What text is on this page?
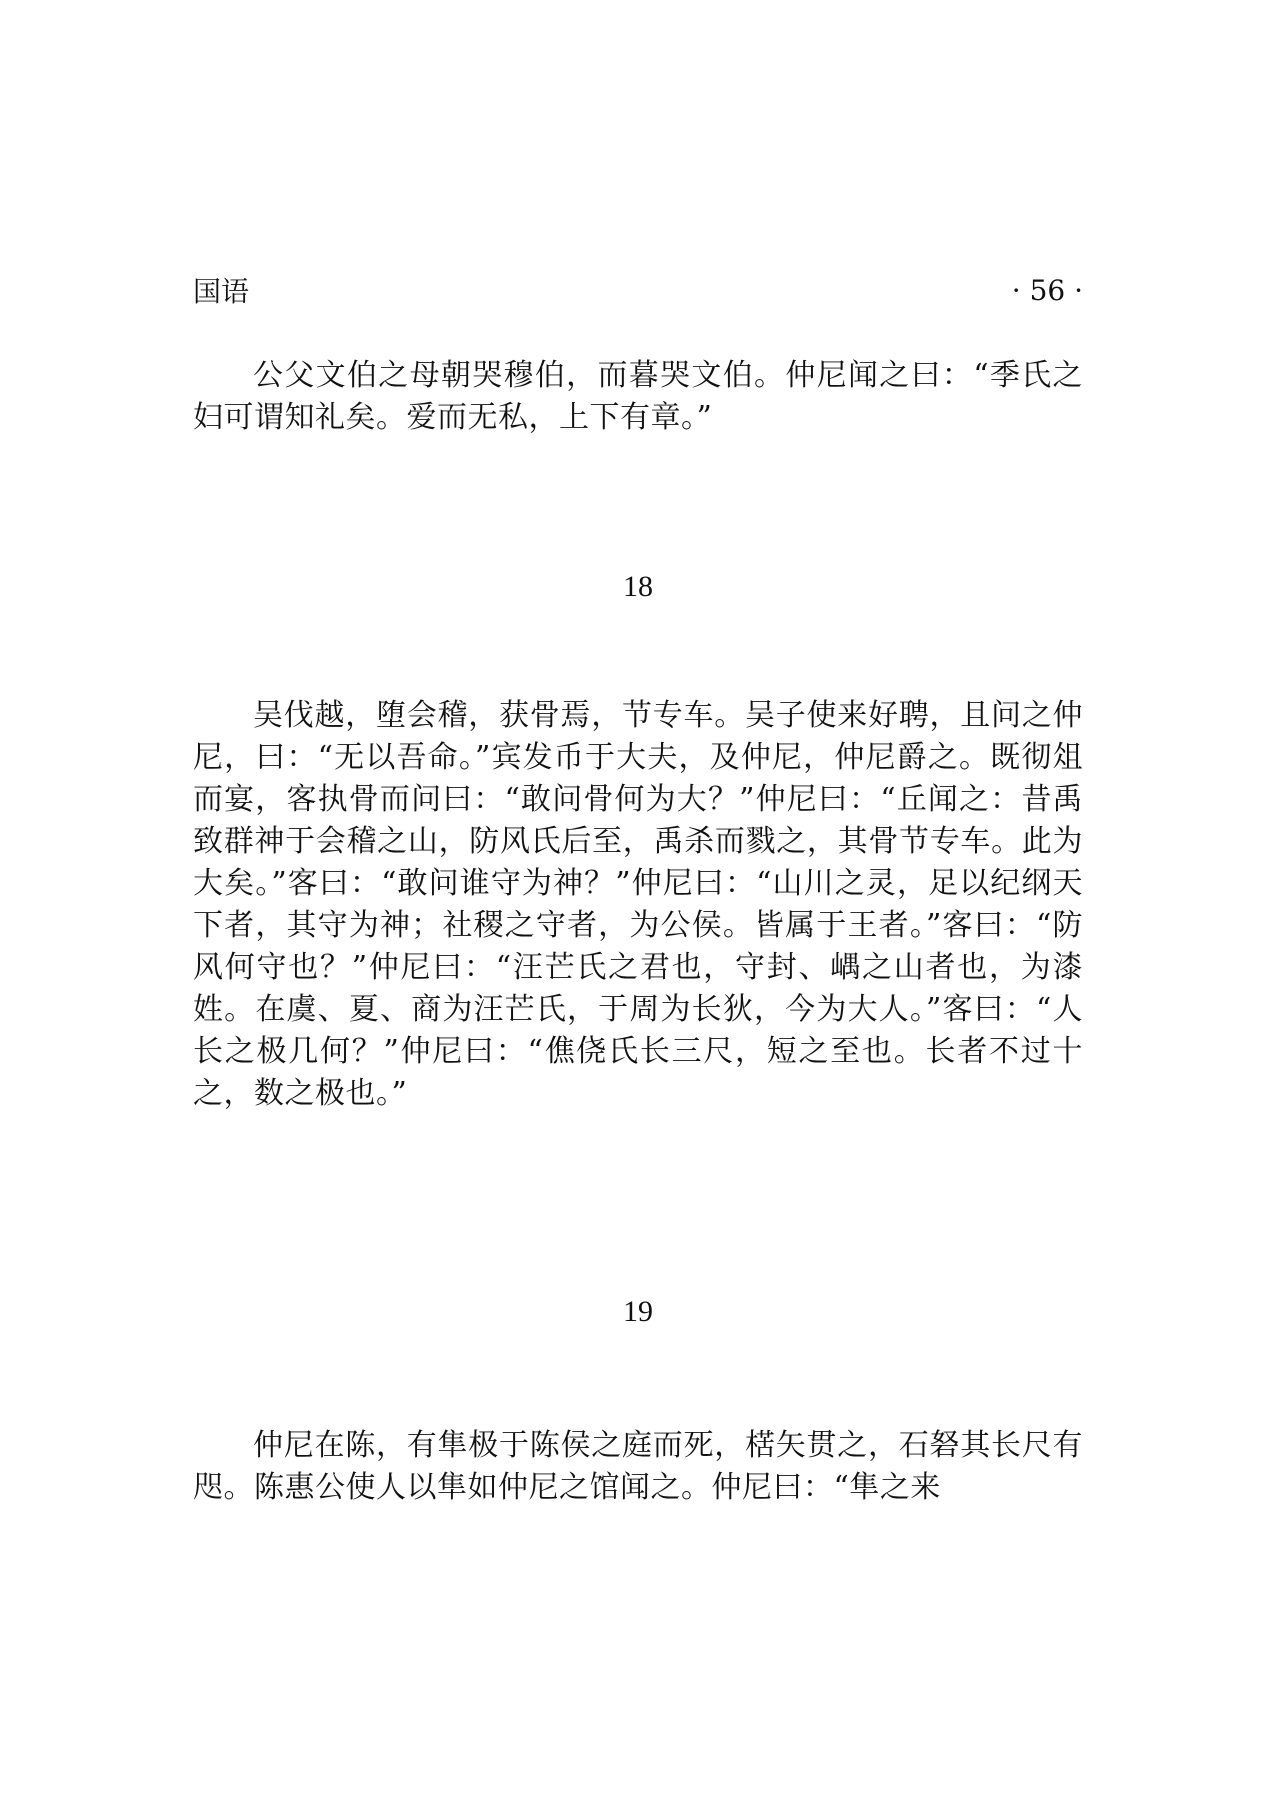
国语	· 56 ·

公父文伯之母朝哭穆伯，而暮哭文伯。仲尼闻之曰：“季氏之妇可谓知礼矣。爱而无私，上下有章。”

18

吴伐越，堕会稽，获骨焉，节专车。吴子使来好聘，且问之仲尼，曰：“无以吾命。”宾发币于大夫，及仲尼，仲尼爵之。既彻俎而宴，客执骨而问曰：“敢问骨何为大？”仲尼曰：“丘闻之：昔禹致群神于会稽之山，防风氏后至，禹杀而戮之，其骨节专车。此为大矣。”客曰：“敢问谁守为神？”仲尼曰：“山川之灵，足以纪纲天下者，其守为神；社稷之守者，为公侯。皆属于王者。”客曰：“防风何守也？”仲尼曰：“汪芒氏之君也，守封、嵎之山者也，为漆姓。在虞、夏、商为汪芒氏，于周为长狄，今为大人。”客曰：“人长之极几何？”仲尼曰：“僬侥氏长三尺，短之至也。长者不过十之，数之极也。”

19

仲尼在陈，有隼极于陈侯之庭而死，楛矢贯之，石砮其长尺有咫。陈惠公使人以隼如仲尼之馆闻之。仲尼曰：“隼之来
